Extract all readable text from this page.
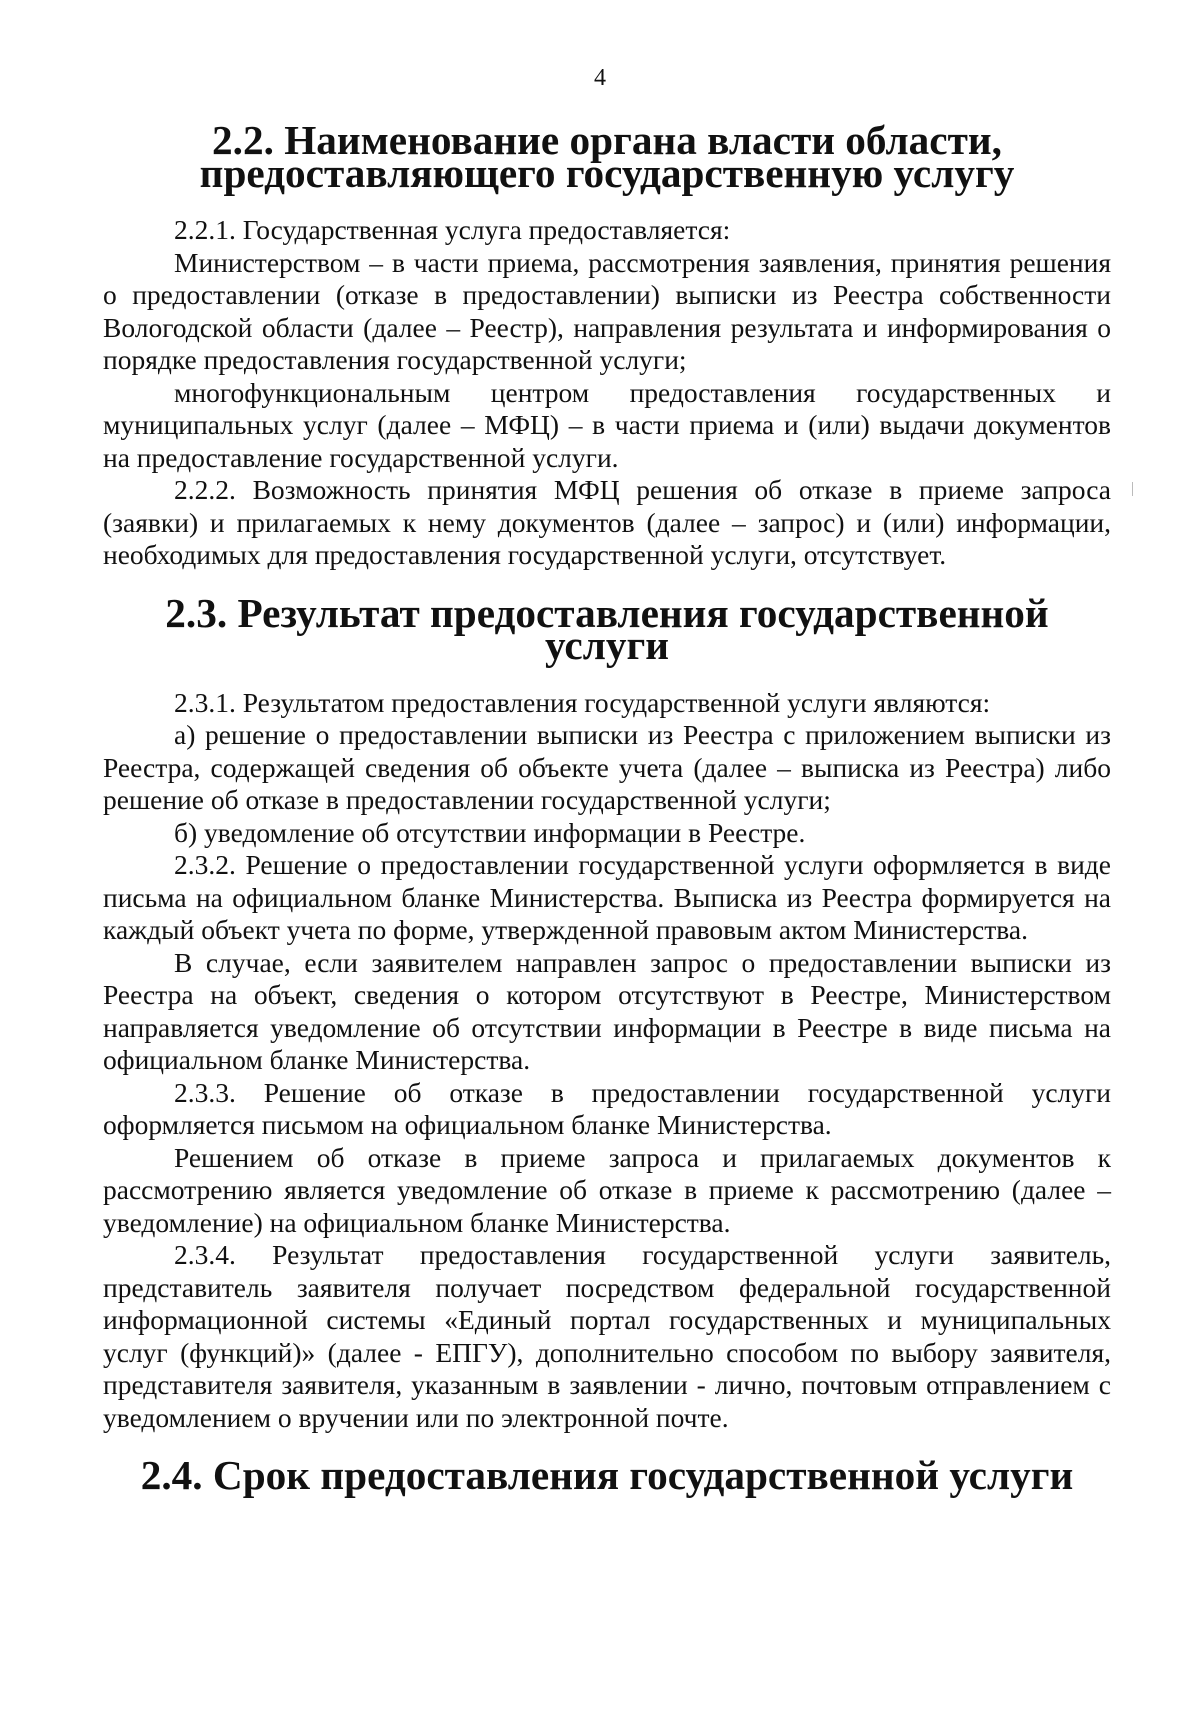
4
2.2. Наименование органа власти области,
предоставляющего государственную услугу

2.2.1. Государственная услуга предоставляется:

Министерством – в части приема, рассмотрения заявления, принятия решения о предоставлении (отказе в предоставлении) выписки из Реестра собственности Вологодской области (далее – Реестр), направления результата и информирования о порядке предоставления государственной услуги;

многофункциональным центром предоставления государственных и муниципальных услуг (далее – МФЦ) – в части приема и (или) выдачи документов на предоставление государственной услуги.

2.2.2. Возможность принятия МФЦ решения об отказе в приеме запроса (заявки) и прилагаемых к нему документов (далее – запрос) и (или) информации, необходимых для предоставления государственной услуги, отсутствует.

2.3. Результат предоставления государственной услуги

2.3.1. Результатом предоставления государственной услуги являются:

а) решение о предоставлении выписки из Реестра с приложением выписки из Реестра, содержащей сведения об объекте учета (далее – выписка из Реестра) либо решение об отказе в предоставлении государственной услуги;

б) уведомление об отсутствии информации в Реестре.

2.3.2. Решение о предоставлении государственной услуги оформляется в виде письма на официальном бланке Министерства. Выписка из Реестра формируется на каждый объект учета по форме, утвержденной правовым актом Министерства.

В случае, если заявителем направлен запрос о предоставлении выписки из Реестра на объект, сведения о котором отсутствуют в Реестре, Министерством направляется уведомление об отсутствии информации в Реестре в виде письма на официальном бланке Министерства.

2.3.3. Решение об отказе в предоставлении государственной услуги оформляется письмом на официальном бланке Министерства.

Решением об отказе в приеме запроса и прилагаемых документов к рассмотрению является уведомление об отказе в приеме к рассмотрению (далее – уведомление) на официальном бланке Министерства.

2.3.4. Результат предоставления государственной услуги заявитель, представитель заявителя получает посредством федеральной государственной информационной системы «Единый портал государственных и муниципальных услуг (функций)» (далее - ЕПГУ), дополнительно способом по выбору заявителя, представителя заявителя, указанным в заявлении - лично, почтовым отправлением с уведомлением о вручении или по электронной почте.

2.4. Срок предоставления государственной услуги
